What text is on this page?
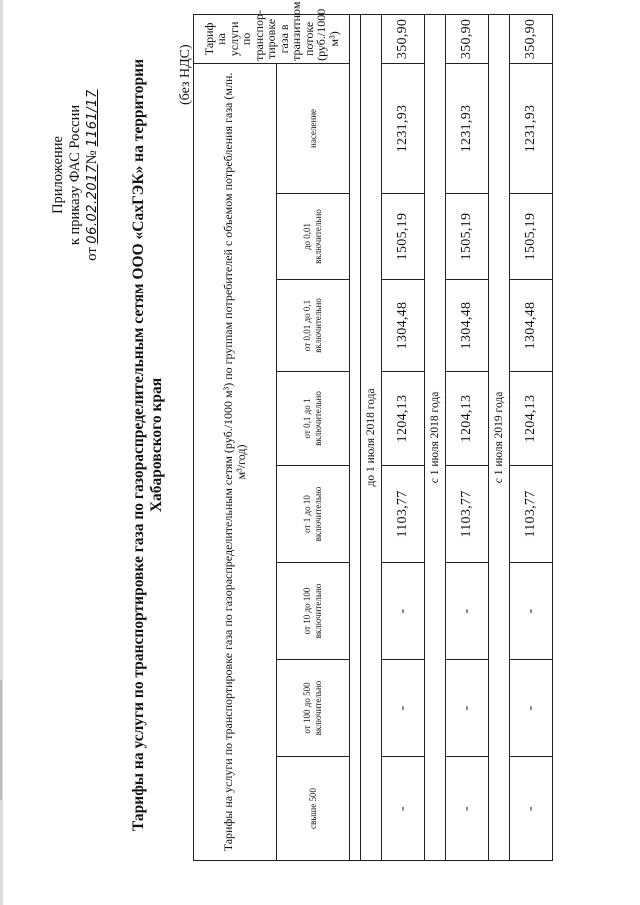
Приложение к приказу ФАС России
от 06.02.2017№ 1161/17 Тарифы на услуги по транспортировке газа по газораспределительным сетям ООО «СахГЭК» на территории Хабаровского края
(без НДС) Тарифы на услуги по транспортировке газа по газораспределительным сетям (руб./1000 м³) по группам потребителей с объемом потребления газа (млн. м³/год)								Тариф на услуги по транспор-тировке газа в транзитном потоке (руб./1000 м³)
свыше 500	от 100 до 500 включительно	от 10 до 100 включительно	от 1 до 10 включительно	от 0,1 до 1 включительно	от 0,01 до 0,1 включительно	до 0,01 включительно	население	

до 1 июля 2018 года								
-	-	-	1103,77	1204,13	1304,48	1505,19	1231,93	350,90
с 1 июля 2018 года								
-	-	-	1103,77	1204,13	1304,48	1505,19	1231,93	350,90
с 1 июля 2019 года								
-	-	-	1103,77	1204,13	1304,48	1505,19	1231,93	350,90
